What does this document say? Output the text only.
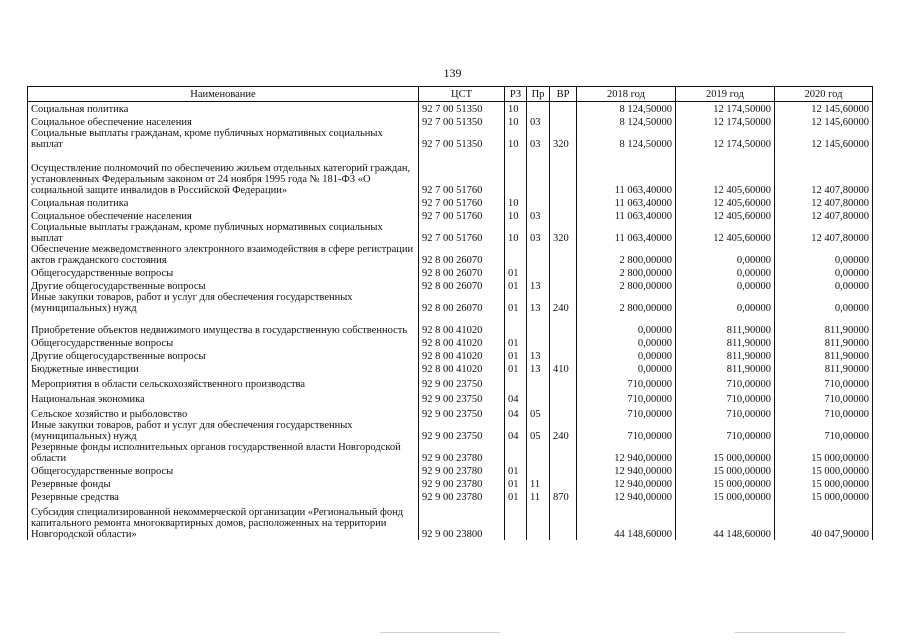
139
Наименование	ЦСТ	РЗ	Пр	ВР	2018 год	2019 год	2020 год
Социальная политика	92 7 00 51350	10			8 124,50000	12 174,50000	12 145,60000
Социальное обеспечение населения	92 7 00 51350	10	03		8 124,50000	12 174,50000	12 145,60000
Социальные выплаты гражданам, кроме публичных нормативных социальных выплат	92 7 00 51350	10	03	320	8 124,50000	12 174,50000	12 145,60000
Осуществление полномочий по обеспечению жильем отдельных категорий граждан, установленных Федеральным законом от 24 ноября 1995 года № 181-ФЗ «О социальной защите инвалидов в Российской Федерации»	92 7 00 51760				11 063,40000	12 405,60000	12 407,80000
Социальная политика	92 7 00 51760	10			11 063,40000	12 405,60000	12 407,80000
Социальное обеспечение населения	92 7 00 51760	10	03		11 063,40000	12 405,60000	12 407,80000
Социальные выплаты гражданам, кроме публичных нормативных социальных выплат	92 7 00 51760	10	03	320	11 063,40000	12 405,60000	12 407,80000
Обеспечение межведомственного электронного взаимодействия в сфере регистрации актов гражданского состояния	92 8 00 26070				2 800,00000	0,00000	0,00000
Общегосударственные вопросы	92 8 00 26070	01			2 800,00000	0,00000	0,00000
Другие общегосударственные вопросы	92 8 00 26070	01	13		2 800,00000	0,00000	0,00000
Иные закупки товаров, работ и услуг для обеспечения государственных (муниципальных) нужд	92 8 00 26070	01	13	240	2 800,00000	0,00000	0,00000
Приобретение объектов недвижимого имущества в государственную собственность	92 8 00 41020				0,00000	811,90000	811,90000
Общегосударственные вопросы	92 8 00 41020	01			0,00000	811,90000	811,90000
Другие общегосударственные вопросы	92 8 00 41020	01	13		0,00000	811,90000	811,90000
Бюджетные инвестиции	92 8 00 41020	01	13	410	0,00000	811,90000	811,90000
Мероприятия в области сельскохозяйственного производства	92 9 00 23750				710,00000	710,00000	710,00000
Национальная экономика	92 9 00 23750	04			710,00000	710,00000	710,00000
Сельское хозяйство и рыболовство	92 9 00 23750	04	05		710,00000	710,00000	710,00000
Иные закупки товаров, работ и услуг для обеспечения государственных (муниципальных) нужд	92 9 00 23750	04	05	240	710,00000	710,00000	710,00000
Резервные фонды исполнительных органов государственной власти Новгородской области	92 9 00 23780				12 940,00000	15 000,00000	15 000,00000
Общегосударственные вопросы	92 9 00 23780	01			12 940,00000	15 000,00000	15 000,00000
Резервные фонды	92 9 00 23780	01	11		12 940,00000	15 000,00000	15 000,00000
Резервные средства	92 9 00 23780	01	11	870	12 940,00000	15 000,00000	15 000,00000
Субсидия специализированной некоммерческой организации «Региональный фонд капитального ремонта многоквартирных домов, расположенных на территории Новгородской области»	92 9 00 23800				44 148,60000	44 148,60000	40 047,90000
